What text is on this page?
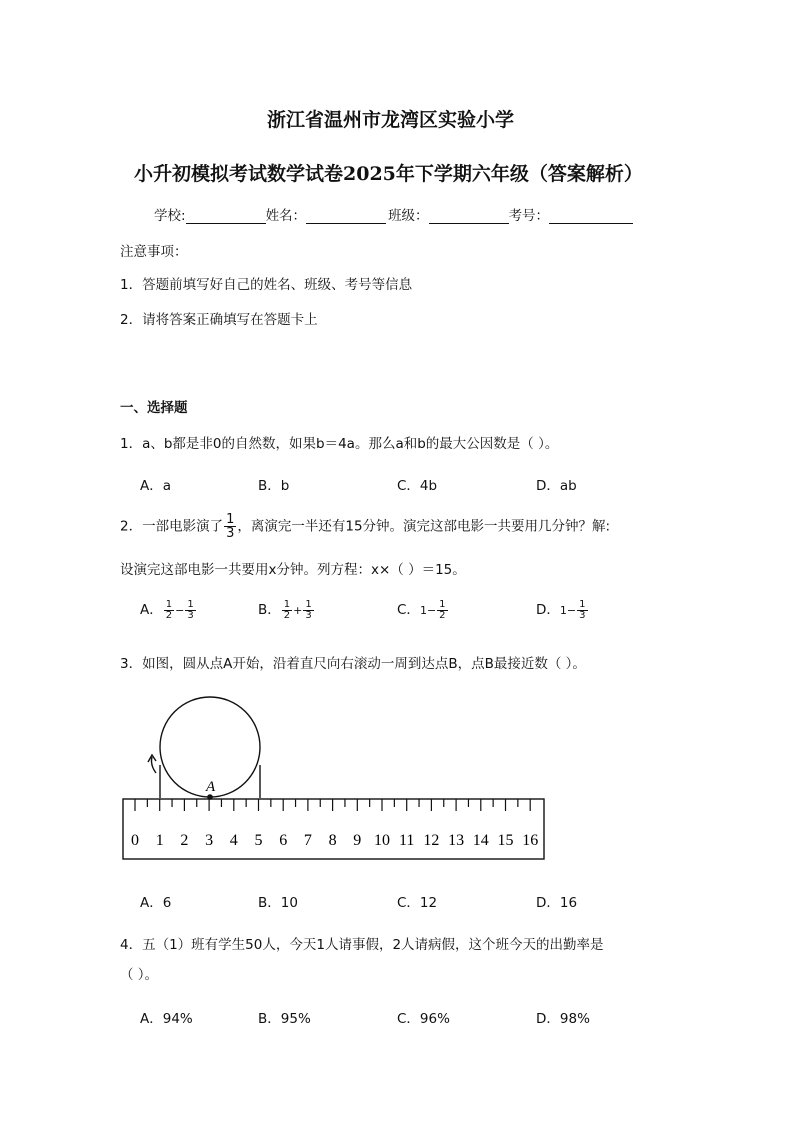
浙江省温州市龙湾区实验小学
小升初模拟考试数学试卷2025年下学期六年级（答案解析）
学校:	姓名：	班级：	考号：
注意事项：
1．答题前填写好自己的姓名、班级、考号等信息
2．请将答案正确填写在答题卡上
一、选择题
1．a、b都是非0的自然数，如果b＝4a。那么a和b的最大公因数是（ ）。
A．a	B．b	C．4b	D．ab
2．一部电影演了 $\frac{1}{3}$ ，离演完一半还有15分钟。演完这部电影一共要用几分钟？解:
设演完这部电影一共要用x分钟。列方程：x×（ ）＝15。
A． $\frac{1}{2} - \frac{1}{3}$	B． $\frac{1}{2} + \frac{1}{3}$	C．$1- \frac{1}{2}$	D．$1- \frac{1}{3}$
3．如图，圆从点A开始，沿着直尺向右滚动一周到达点B，点B最接近数（ ）。
A
0 1 2 3 4 5 6 7 8 9 10 11 12 13 14 15 16
A．6	B．10	C．12	D．16
4．五（1）班有学生50人，今天1人请事假，2人请病假，这个班今天的出勤率是
（ ）。
A．94%	B．95%	C．96%	D．98%
